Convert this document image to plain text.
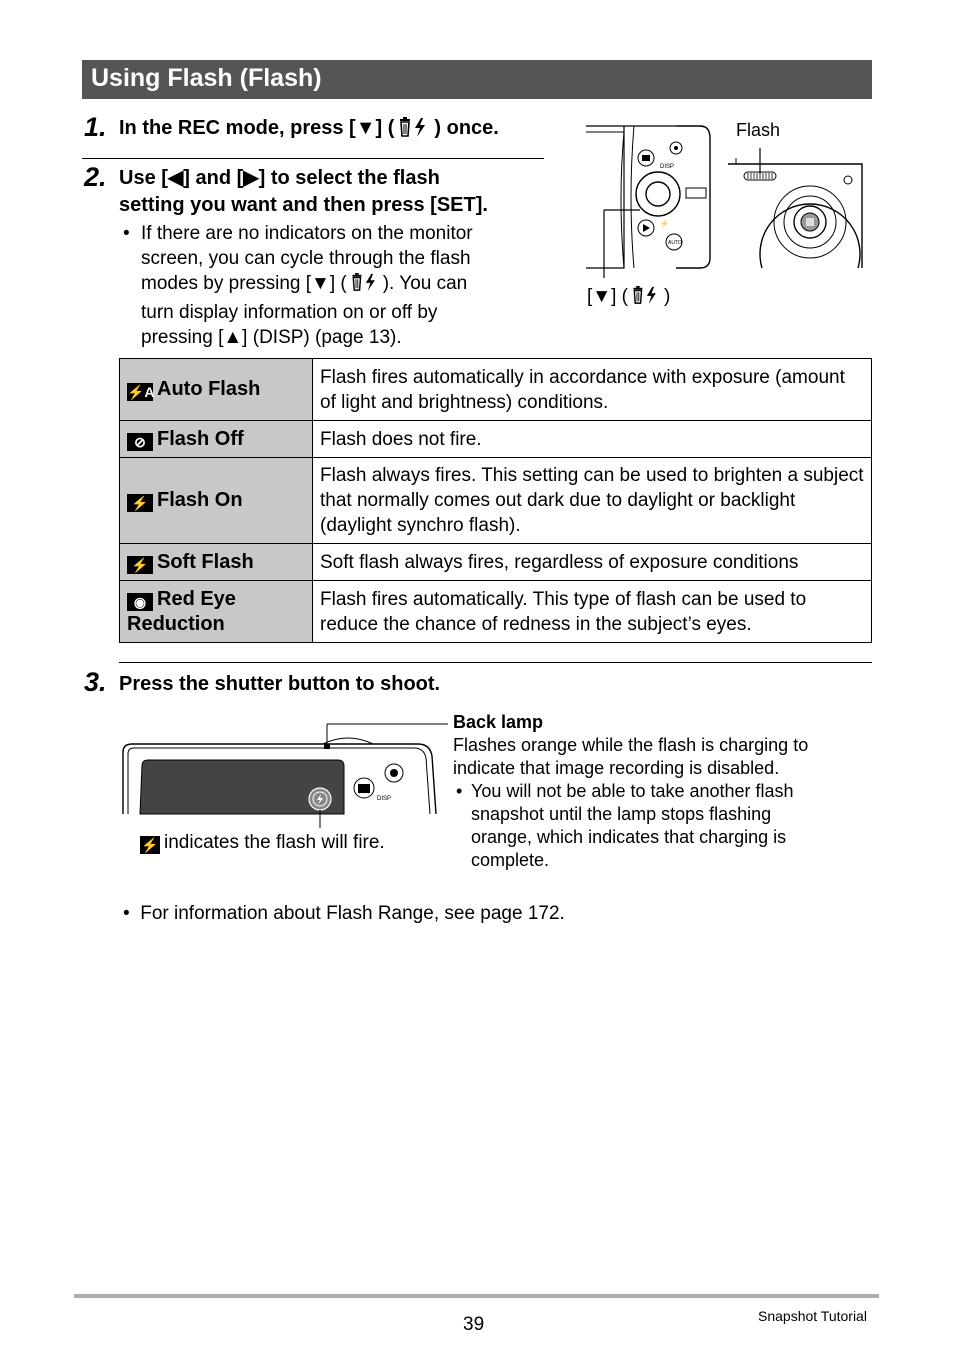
Using Flash (Flash)
1. In the REC mode, press [▼] ( ) once.
2. Use [◀] and [▶] to select the flash
setting you want and then press [SET].
• If there are no indicators on the monitor
screen, you can cycle through the flash
modes by pressing [▼] ( ). You can
turn display information on or off by
pressing [▲] (DISP) (page 13).
DISP
⚡
AUTO
Flash
[▼] ( )
⚡A Auto Flash	Flash fires automatically in accordance with exposure (amount of light and brightness) conditions.
⊘ Flash Off	Flash does not fire.
⚡ Flash On	Flash always fires. This setting can be used to brighten a subject that normally comes out dark due to daylight or backlight (daylight synchro flash).
⚡ Soft Flash	Soft flash always fires, regardless of exposure conditions
◉ Red Eye
Reduction	Flash fires automatically. This type of flash can be used to reduce the chance of redness in the subject’s eyes.
3. Press the shutter button to shoot.
DISP
⚡ indicates the flash will fire.
Back lamp
Flashes orange while the flash is charging to
indicate that image recording is disabled.
• You will not be able to take another flash
snapshot until the lamp stops flashing
orange, which indicates that charging is
complete.
• For information about Flash Range, see page 172.
39	Snapshot Tutorial
